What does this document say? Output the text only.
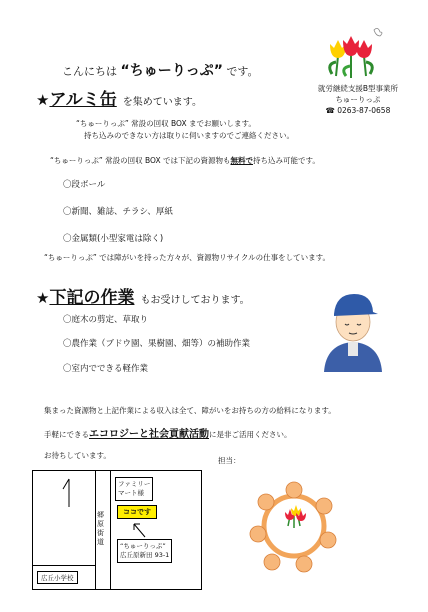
こんにちは “ちゅーりっぷ” です。
★アルミ缶 を集めています。
就労継続支援B型事業所
ちゅーりっぷ
☎ 0263-87-0658
“ちゅーりっぷ” 常設の回収 BOX までお願いします。
持ち込みのできない方は取りに伺いますのでご連絡ください。
“ちゅーりっぷ” 常設の回収 BOX では下記の資源物も無料で持ち込み可能です。
〇段ボール
〇新聞、雑誌、チラシ、厚紙
〇金属類(小型家電は除く)
“ちゅーりっぷ” では障がいを持った方々が、資源物リサイクルの仕事をしています。
★下記の作業 もお受けしております。
〇庭木の剪定、草取り
〇農作業（ブドウ園、果樹園、畑等）の補助作業
〇室内でできる軽作業
集まった資源物と上記作業による収入は全て、障がいをお持ちの方の給料になります。
手軽にできるエコロジーと社会貢献活動に是非ご活用ください。
お待ちしています。
担当：
ファミリー
マート様
ココです
郷原街道	“ちゅーりっぷ”
広丘原新田 93-1
広丘小学校
